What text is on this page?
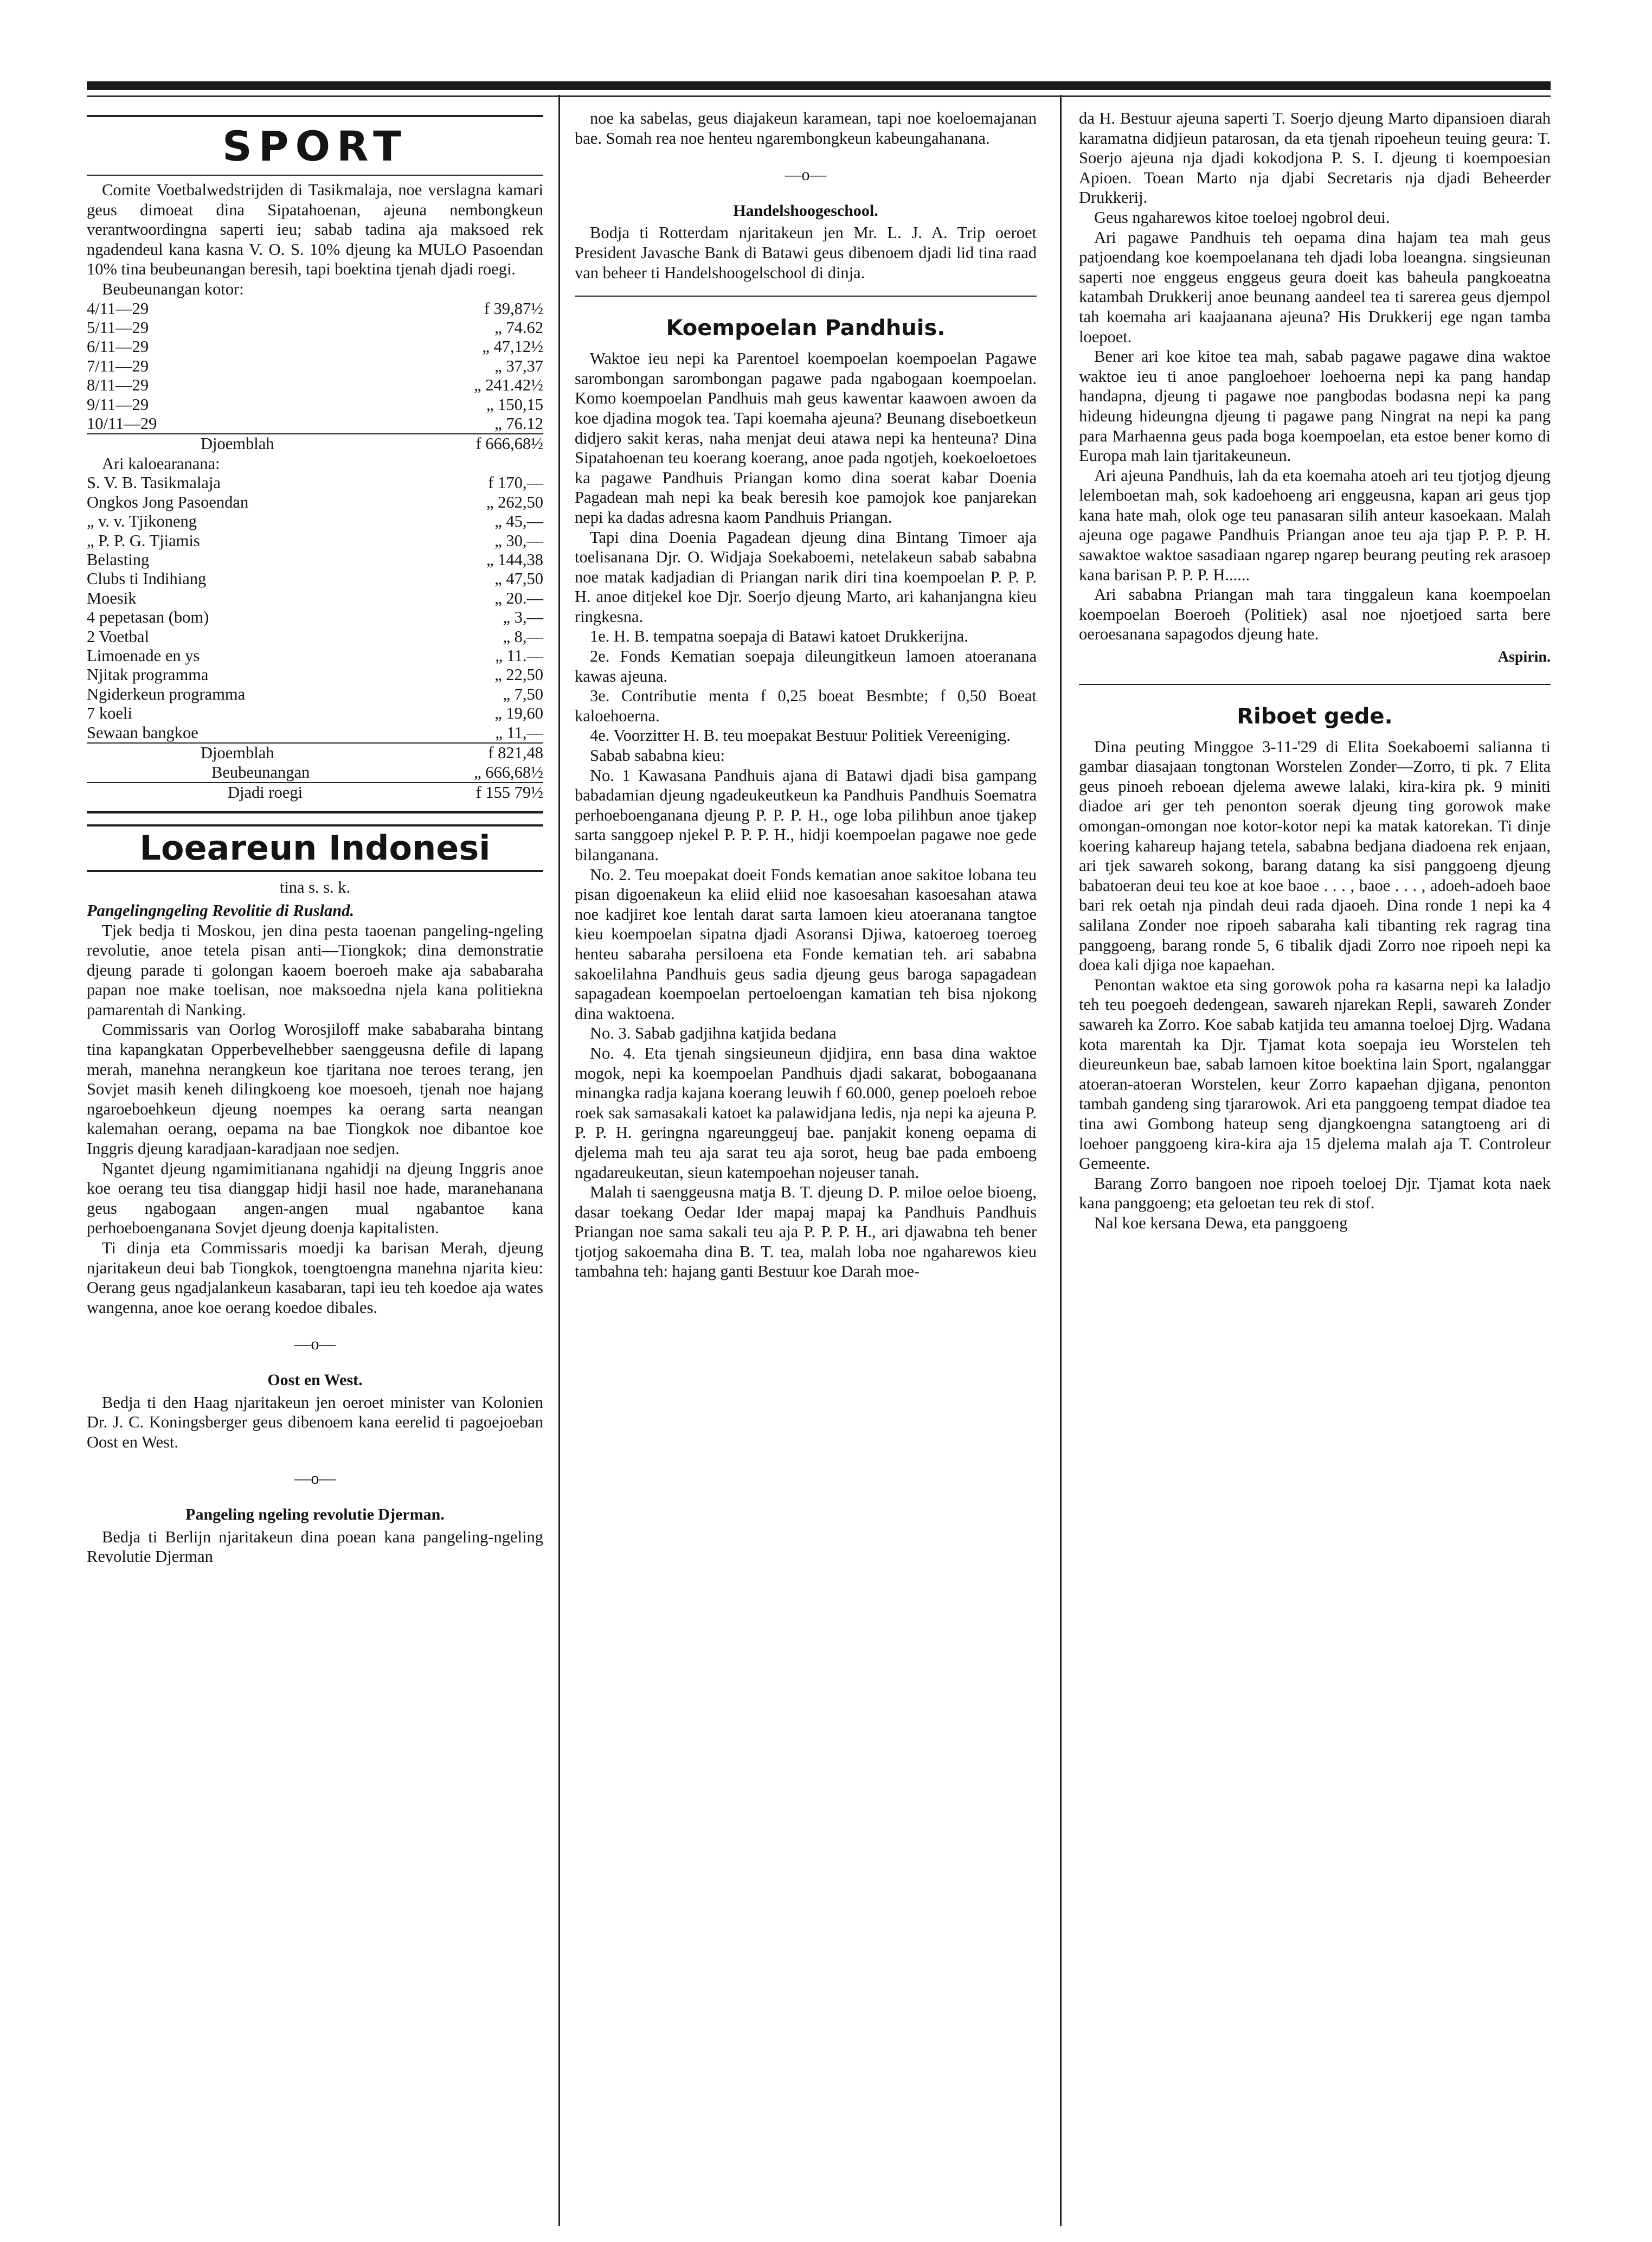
SPORT

Comite Voetbalwedstrijden di Tasikmalaja, noe verslagna kamari geus dimoeat dina Sipatahoenan, ajeuna nembongkeun verantwoordingna saperti ieu; sabab tadina aja maksoed rek ngadendeul kana kasna V. O. S. 10% djeung ka MULO Pasoendan 10% tina beubeunangan beresih, tapi boektina tjenah djadi roegi.

Beubeunangan kotor:

4/11—29	f 39,87½
5/11—29	„ 74.62
6/11—29	„ 47,12½
7/11—29	„ 37,37
8/11—29	„ 241.42½
9/11—29	„ 150,15
10/11—29	„ 76.12
Djoemblah	f 666,68½

Ari kaloearanana:

S. V. B. Tasikmalaja	f 170,—
Ongkos Jong Pasoendan	„ 262,50
„ v. v. Tjikoneng	„ 45,—
„ P. P. G. Tjiamis	„ 30,—
Belasting	„ 144,38
Clubs ti Indihiang	„ 47,50
Moesik	„ 20.—
4 pepetasan (bom)	„ 3,—
2 Voetbal	„ 8,—
Limoenade en ys	„ 11.—
Njitak programma	„ 22,50
Ngiderkeun programma	„ 7,50
7 koeli	„ 19,60
Sewaan bangkoe	„ 11,—
Djoemblah	f 821,48
Beubeunangan	„ 666,68½
Djadi roegi	f 155 79½
Loeareun Indonesi

tina s. s. k.

Pangelingngeling Revolitie di Rusland.

Tjek bedja ti Moskou, jen dina pesta taoenan pangeling-ngeling revolutie, anoe tetela pisan anti—Tiongkok; dina demonstratie djeung parade ti golongan kaoem boeroeh make aja sababaraha papan noe make toelisan, noe maksoedna njela kana politiekna pamarentah di Nanking.

Commissaris van Oorlog Worosjiloff make sababaraha bintang tina kapangkatan Opperbevelhebber saenggeusna defile di lapang merah, manehna nerangkeun koe tjaritana noe teroes terang, jen Sovjet masih keneh dilingkoeng koe moesoeh, tjenah noe hajang ngaroeboehkeun djeung noempes ka oerang sarta neangan kalemahan oerang, oepama na bae Tiongkok noe dibantoe koe Inggris djeung karadjaan-karadjaan noe sedjen.

Ngantet djeung ngamimitianana ngahidji na djeung Inggris anoe koe oerang teu tisa dianggap hidji hasil noe hade, maranehanana geus ngabogaan angen-angen mual ngabantoe kana perhoeboenganana Sovjet djeung doenja kapitalisten.

Ti dinja eta Commissaris moedji ka barisan Merah, djeung njaritakeun deui bab Tiongkok, toengtoengna manehna njarita kieu: Oerang geus ngadjalankeun kasabaran, tapi ieu teh koedoe aja wates wangenna, anoe koe oerang koedoe dibales.

—o—

Oost en West.

Bedja ti den Haag njaritakeun jen oeroet minister van Kolonien Dr. J. C. Koningsberger geus dibenoem kana eerelid ti pagoejoeban Oost en West.

—o—

Pangeling ngeling revolutie Djerman.

Bedja ti Berlijn njaritakeun dina poean kana pangeling-ngeling Revolutie Djerman

noe ka sabelas, geus diajakeun karamean, tapi noe koeloemajanan bae. Somah rea noe henteu ngarembongkeun kabeungahanana.

—o—

Handelshoogeschool.

Bodja ti Rotterdam njaritakeun jen Mr. L. J. A. Trip oeroet President Javasche Bank di Batawi geus dibenoem djadi lid tina raad van beheer ti Handelshoogelschool di dinja.

Koempoelan Pandhuis.

Waktoe ieu nepi ka Parentoel koempoelan koempoelan Pagawe sarombongan sarombongan pagawe pada ngabogaan koempoelan. Komo koempoelan Pandhuis mah geus kawentar kaawoen awoen da koe djadina mogok tea. Tapi koemaha ajeuna? Beunang diseboetkeun didjero sakit keras, naha menjat deui atawa nepi ka henteuna? Dina Sipatahoenan teu koerang koerang, anoe pada ngotjeh, koekoeloetoes ka pagawe Pandhuis Priangan komo dina soerat kabar Doenia Pagadean mah nepi ka beak beresih koe pamojok koe panjarekan nepi ka dadas adresna kaom Pandhuis Priangan.

Tapi dina Doenia Pagadean djeung dina Bintang Timoer aja toelisanana Djr. O. Widjaja Soekaboemi, netelakeun sabab sababna noe matak kadjadian di Priangan narik diri tina koempoelan P. P. P. H. anoe ditjekel koe Djr. Soerjo djeung Marto, ari kahanjangna kieu ringkesna.

1e. H. B. tempatna soepaja di Batawi katoet Drukkerijna.

2e. Fonds Kematian soepaja dileungitkeun lamoen atoeranana kawas ajeuna.

3e. Contributie menta f 0,25 boeat Besmbte; f 0,50 Boeat kaloehoerna.

4e. Voorzitter H. B. teu moepakat Bestuur Politiek Vereeniging.

Sabab sababna kieu:

No. 1 Kawasana Pandhuis ajana di Batawi djadi bisa gampang babadamian djeung ngadeukeutkeun ka Pandhuis Pandhuis Soematra perhoeboenganana djeung P. P. P. H., oge loba pilihbun anoe tjakep sarta sanggoep njekel P. P. P. H., hidji koempoelan pagawe noe gede bilanganana.

No. 2. Teu moepakat doeit Fonds kematian anoe sakitoe lobana teu pisan digoenakeun ka eliid eliid noe kasoesahan kasoesahan atawa noe kadjiret koe lentah darat sarta lamoen kieu atoeranana tangtoe kieu koempoelan sipatna djadi Asoransi Djiwa, katoeroeg toeroeg henteu sabaraha persiloena eta Fonde kematian teh. ari sababna sakoelilahna Pandhuis geus sadia djeung geus baroga sapagadean sapagadean koempoelan pertoeloengan kamatian teh bisa njokong dina waktoena.

No. 3. Sabab gadjihna katjida bedana

No. 4. Eta tjenah singsieuneun djidjira, enn basa dina waktoe mogok, nepi ka koempoelan Pandhuis djadi sakarat, bobogaanana minangka radja kajana koerang leuwih f 60.000, genep poeloeh reboe roek sak samasakali katoet ka palawidjana ledis, nja nepi ka ajeuna P. P. P. H. geringna ngareunggeuj bae. panjakit koneng oepama di djelema mah teu aja sarat teu aja sorot, heug bae pada emboeng ngadareukeutan, sieun katempoehan nojeuser tanah.

Malah ti saenggeusna matja B. T. djeung D. P. miloe oeloe bioeng, dasar toekang Oedar Ider mapaj mapaj ka Pandhuis Pandhuis Priangan noe sama sakali teu aja P. P. P. H., ari djawabna teh bener tjotjog sakoemaha dina B. T. tea, malah loba noe ngaharewos kieu tambahna teh: hajang ganti Bestuur koe Darah moe-

da H. Bestuur ajeuna saperti T. Soerjo djeung Marto dipansioen diarah karamatna didjieun patarosan, da eta tjenah ripoeheun teuing geura: T. Soerjo ajeuna nja djadi kokodjona P. S. I. djeung ti koempoesian Apioen. Toean Marto nja djabi Secretaris nja djadi Beheerder Drukkerij.

Geus ngaharewos kitoe toeloej ngobrol deui.

Ari pagawe Pandhuis teh oepama dina hajam tea mah geus patjoendang koe koempoelanana teh djadi loba loeangna. singsieunan saperti noe enggeus enggeus geura doeit kas baheula pangkoeatna katambah Drukkerij anoe beunang aandeel tea ti sarerea geus djempol tah koemaha ari kaajaanana ajeuna? His Drukkerij ege ngan tamba loepoet.

Bener ari koe kitoe tea mah, sabab pagawe pagawe dina waktoe waktoe ieu ti anoe pangloehoer loehoerna nepi ka pang handap handapna, djeung ti pagawe noe pangbodas bodasna nepi ka pang hideung hideungna djeung ti pagawe pang Ningrat na nepi ka pang para Marhaenna geus pada boga koempoelan, eta estoe bener komo di Europa mah lain tjaritakeuneun.

Ari ajeuna Pandhuis, lah da eta koemaha atoeh ari teu tjotjog djeung lelemboetan mah, sok kadoehoeng ari enggeusna, kapan ari geus tjop kana hate mah, olok oge teu panasaran silih anteur kasoekaan. Malah ajeuna oge pagawe Pandhuis Priangan anoe teu aja tjap P. P. P. H. sawaktoe waktoe sasadiaan ngarep ngarep beurang peuting rek arasoep kana barisan P. P. P. H......

Ari sababna Priangan mah tara tinggaleun kana koempoelan koempoelan Boeroeh (Politiek) asal noe njoetjoed sarta bere oeroesanana sapagodos djeung hate.

Aspirin.

Riboet gede.

Dina peuting Minggoe 3-11-'29 di Elita Soekaboemi salianna ti gambar diasajaan tongtonan Worstelen Zonder—Zorro, ti pk. 7 Elita geus pinoeh reboean djelema awewe lalaki, kira-kira pk. 9 miniti diadoe ari ger teh penonton soerak djeung ting gorowok make omongan-omongan noe kotor-kotor nepi ka matak katorekan. Ti dinje koering kahareup hajang tetela, sababna bedjana diadoena rek enjaan, ari tjek sawareh sokong, barang datang ka sisi panggoeng djeung babatoeran deui teu koe at koe baoe . . . , baoe . . . , adoeh-adoeh baoe bari rek oetah nja pindah deui rada djaoeh. Dina ronde 1 nepi ka 4 salilana Zonder noe ripoeh sabaraha kali tibanting rek ragrag tina panggoeng, barang ronde 5, 6 tibalik djadi Zorro noe ripoeh nepi ka doea kali djiga noe kapaehan.

Penontan waktoe eta sing gorowok poha ra kasarna nepi ka laladjo teh teu poegoeh dedengean, sawareh njarekan Repli, sawareh Zonder sawareh ka Zorro. Koe sabab katjida teu amanna toeloej Djrg. Wadana kota marentah ka Djr. Tjamat kota soepaja ieu Worstelen teh dieureunkeun bae, sabab lamoen kitoe boektina lain Sport, ngalanggar atoeran-atoeran Worstelen, keur Zorro kapaehan djigana, penonton tambah gandeng sing tjararowok. Ari eta panggoeng tempat diadoe tea tina awi Gombong hateup seng djangkoengna satangtoeng ari di loehoer panggoeng kira-kira aja 15 djelema malah aja T. Controleur Gemeente.

Barang Zorro bangoen noe ripoeh toeloej Djr. Tjamat kota naek kana panggoeng; eta geloetan teu rek di stof.

Nal koe kersana Dewa, eta panggoeng
